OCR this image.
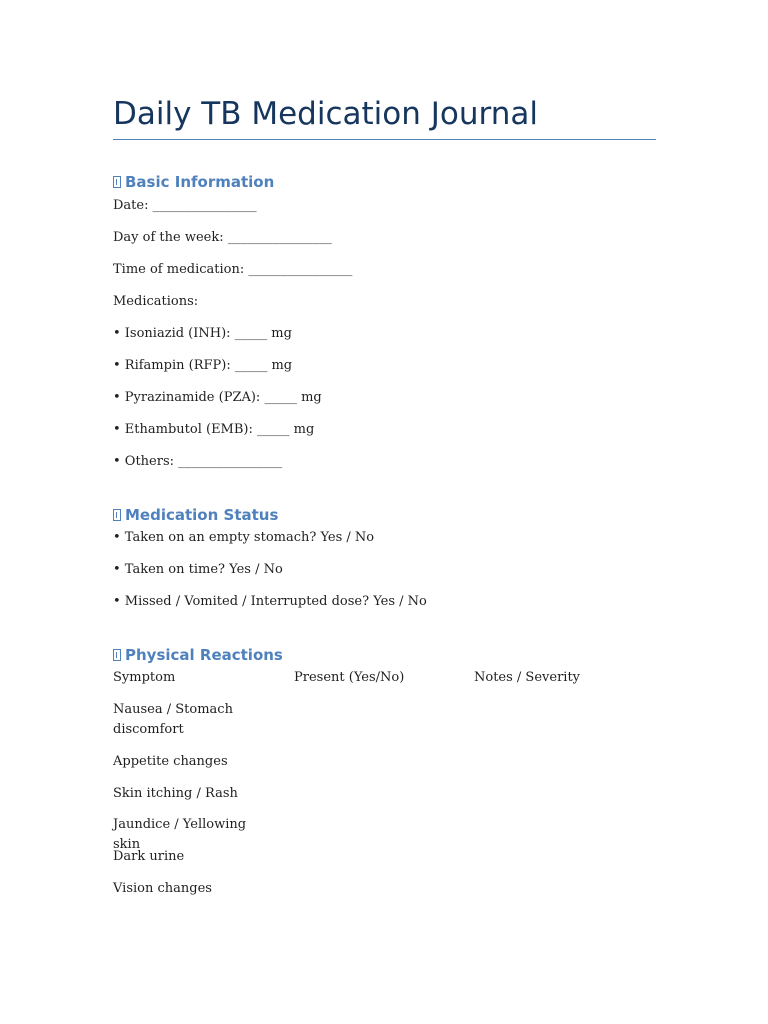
Daily TB Medication Journal
Basic Information
Date: ________________
Day of the week: ________________
Time of medication: ________________
Medications:
• Isoniazid (INH): _____ mg
• Rifampin (RFP): _____ mg
• Pyrazinamide (PZA): _____ mg
• Ethambutol (EMB): _____ mg
• Others: ________________
Medication Status
• Taken on an empty stomach? Yes / No
• Taken on time? Yes / No
• Missed / Vomited / Interrupted dose? Yes / No
Physical Reactions
Symptom	Present (Yes/No)	Notes / Severity
Nausea / Stomach discomfort
Appetite changes
Skin itching / Rash
Jaundice / Yellowing skin
Dark urine
Vision changes
